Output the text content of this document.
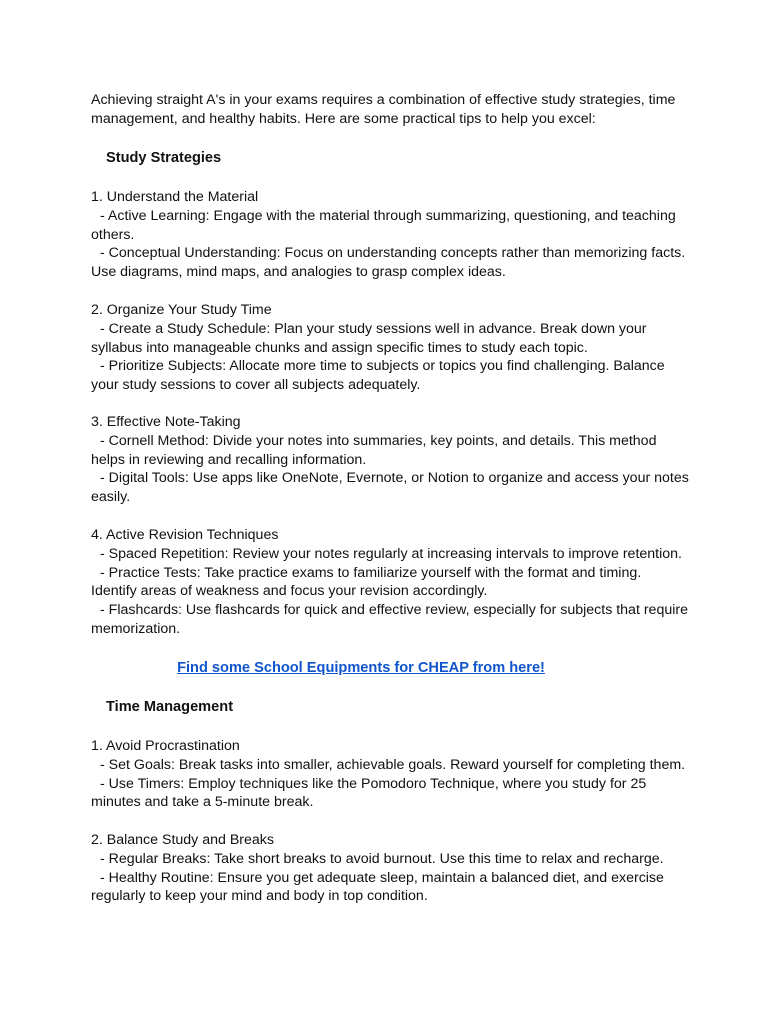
Achieving straight A's in your exams requires a combination of effective study strategies, time
management, and healthy habits. Here are some practical tips to help you excel:
Study Strategies
1. Understand the Material
- Active Learning: Engage with the material through summarizing, questioning, and teaching
others.
- Conceptual Understanding: Focus on understanding concepts rather than memorizing facts.
Use diagrams, mind maps, and analogies to grasp complex ideas.
2. Organize Your Study Time
- Create a Study Schedule: Plan your study sessions well in advance. Break down your
syllabus into manageable chunks and assign specific times to study each topic.
- Prioritize Subjects: Allocate more time to subjects or topics you find challenging. Balance
your study sessions to cover all subjects adequately.
3. Effective Note-Taking
- Cornell Method: Divide your notes into summaries, key points, and details. This method
helps in reviewing and recalling information.
- Digital Tools: Use apps like OneNote, Evernote, or Notion to organize and access your notes
easily.
4. Active Revision Techniques
- Spaced Repetition: Review your notes regularly at increasing intervals to improve retention.
- Practice Tests: Take practice exams to familiarize yourself with the format and timing.
Identify areas of weakness and focus your revision accordingly.
- Flashcards: Use flashcards for quick and effective review, especially for subjects that require
memorization.

Find some School Equipments for CHEAP from here!

Time Management
1. Avoid Procrastination
- Set Goals: Break tasks into smaller, achievable goals. Reward yourself for completing them.
- Use Timers: Employ techniques like the Pomodoro Technique, where you study for 25
minutes and take a 5-minute break.
2. Balance Study and Breaks
- Regular Breaks: Take short breaks to avoid burnout. Use this time to relax and recharge.
- Healthy Routine: Ensure you get adequate sleep, maintain a balanced diet, and exercise
regularly to keep your mind and body in top condition.
